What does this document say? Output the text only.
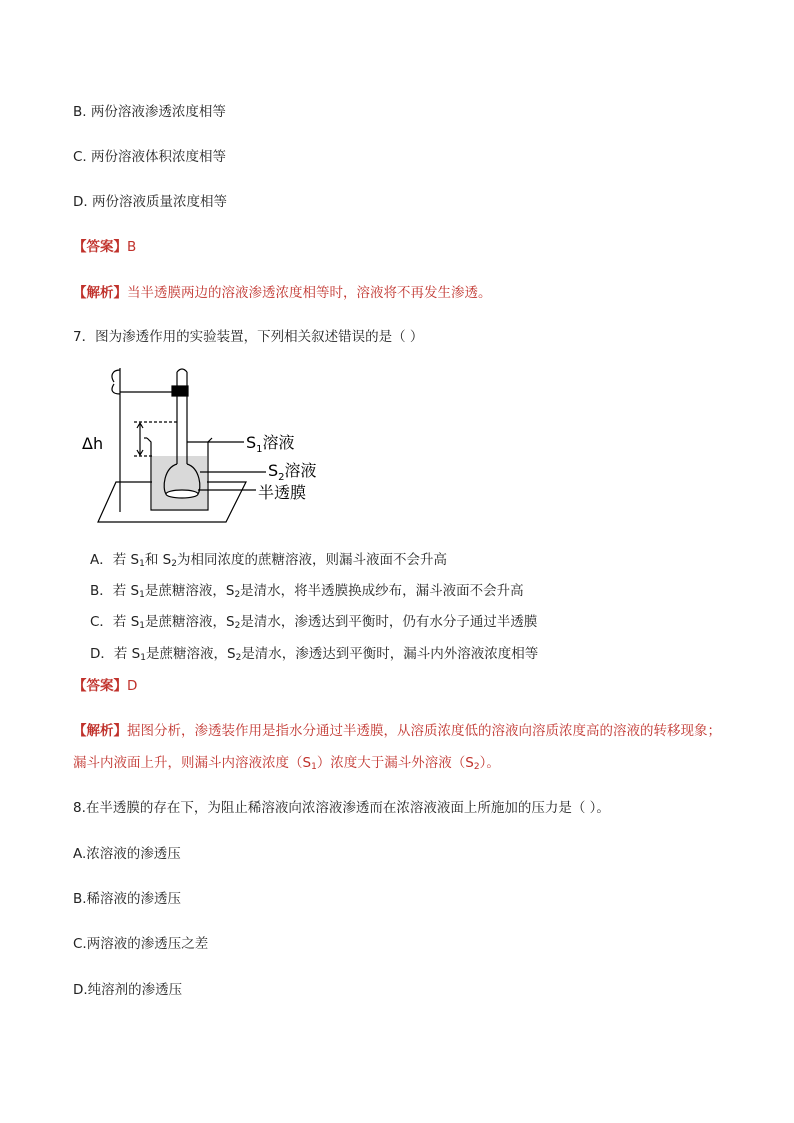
B. 两份溶液渗透浓度相等
C. 两份溶液体积浓度相等
D. 两份溶液质量浓度相等
【答案】B
【解析】当半透膜两边的溶液渗透浓度相等时，溶液将不再发生渗透。
7．图为渗透作用的实验装置，下列相关叙述错误的是（ ）
Δh	$S_1$溶液
$S_2$溶液
半透膜
A．若 $S_1$和 $S_2$为相同浓度的蔗糖溶液，则漏斗液面不会升高
B．若 $S_1$是蔗糖溶液，$S_2$是清水，将半透膜换成纱布，漏斗液面不会升高
C．若 $S_1$是蔗糖溶液，$S_2$是清水，渗透达到平衡时，仍有水分子通过半透膜
D．若 $S_1$是蔗糖溶液，$S_2$是清水，渗透达到平衡时，漏斗内外溶液浓度相等
【答案】D
【解析】据图分析，渗透装作用是指水分通过半透膜，从溶质浓度低的溶液向溶质浓度高的溶液的转移现象；漏斗内液面上升，则漏斗内溶液浓度$(S_1)$浓度大于漏斗外溶液$(S_2)$。
8.在半透膜的存在下，为阻止稀溶液向浓溶液渗透而在浓溶液液面上所施加的压力是（ ）。
A.浓溶液的渗透压
B.稀溶液的渗透压
C.两溶液的渗透压之差
D.纯溶剂的渗透压
